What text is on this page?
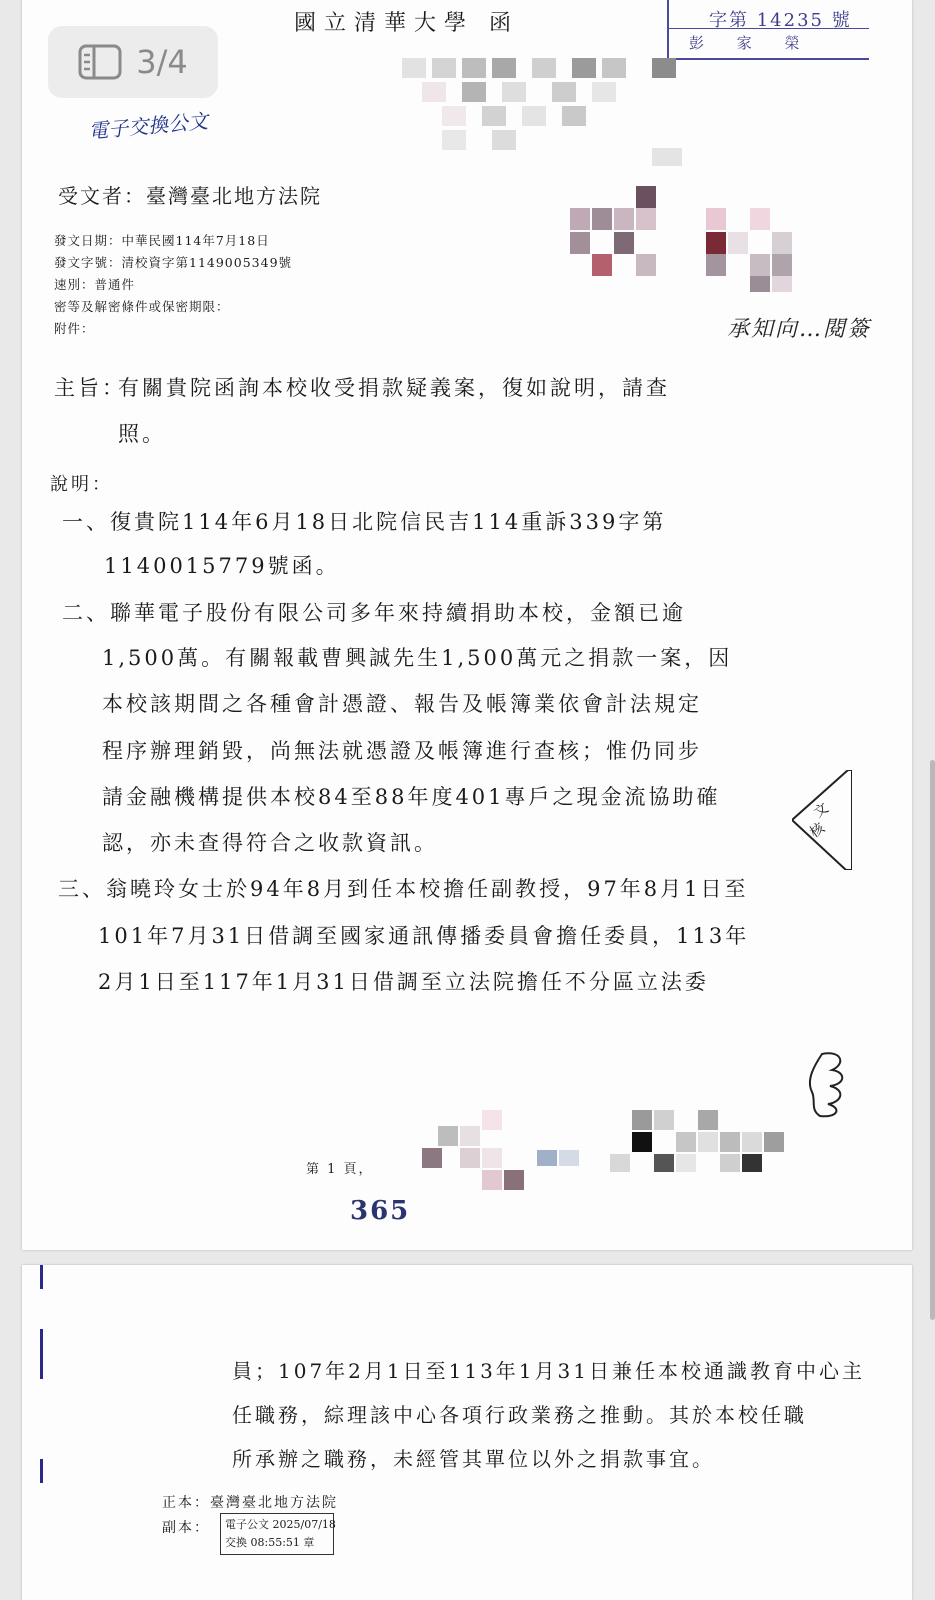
國立清華大學 函	字第 14235 號
彭 家 榮
電子交換公文
受文者：臺灣臺北地方法院
發文日期：中華民國114年7月18日
發文字號：清校資字第1149005349號
速別：普通件
密等及解密條件或保密期限：
附件：	承知向…閱簽
主旨：
有關貴院函詢本校收受捐款疑義案，復如說明，請查
照。
說明：
一、復貴院114年6月18日北院信民吉114重訴339字第
1140015779號函。
二、聯華電子股份有限公司多年來持續捐助本校，金額已逾
1,500萬。有關報載曹興誠先生1,500萬元之捐款一案，因
本校該期間之各種會計憑證、報告及帳簿業依會計法規定
程序辦理銷毀，尚無法就憑證及帳簿進行查核；惟仍同步
請金融機構提供本校84至88年度401專戶之現金流協助確
認，亦未查得符合之收款資訊。
三、翁曉玲女士於94年8月到任本校擔任副教授，97年8月1日至
101年7月31日借調至國家通訊傳播委員會擔任委員，113年
2月1日至117年1月31日借調至立法院擔任不分區立法委
文
核
第 1 頁，
365
員；107年2月1日至113年1月31日兼任本校通識教育中心主
任職務，綜理該中心各項行政業務之推動。其於本校任職
所承辦之職務，未經管其單位以外之捐款事宜。
正本：臺灣臺北地方法院
副本： 電子公文 2025/07/18
交換 08:55:51 章
3/4
